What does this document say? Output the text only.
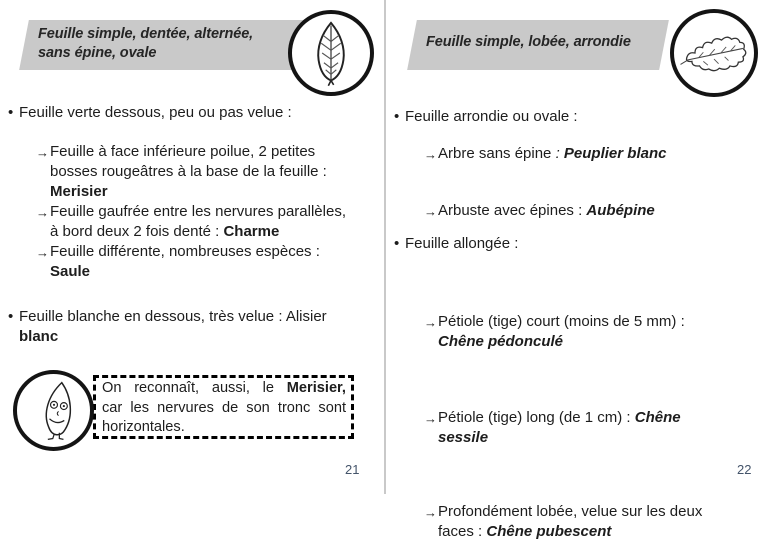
Feuille simple, dentée, alternée,
sans épine, ovale
• Feuille verte dessous, peu ou pas velue :
→ Feuille à face inférieure poilue, 2 petites
bosses rougeâtres à la base de la feuille :
Merisier
→ Feuille gaufrée entre les nervures parallèles,
à bord deux 2 fois denté : Charme
→ Feuille différente, nombreuses espèces :
Saule
• Feuille blanche en dessous, très velue : Alisier
blanc
On reconnaît, aussi, le Merisier,
car les nervures de son tronc sont
horizontales.
21
Feuille simple, lobée, arrondie
• Feuille arrondie ou ovale :
→ Arbre sans épine : Peuplier blanc
→ Arbuste avec épines : Aubépine
• Feuille allongée :
→ Pétiole (tige) court (moins de 5 mm) :
Chêne pédonculé
→ Pétiole (tige) long (de 1 cm) : Chêne
sessile
→ Profondément lobée, velue sur les deux
faces : Chêne pubescent
22
